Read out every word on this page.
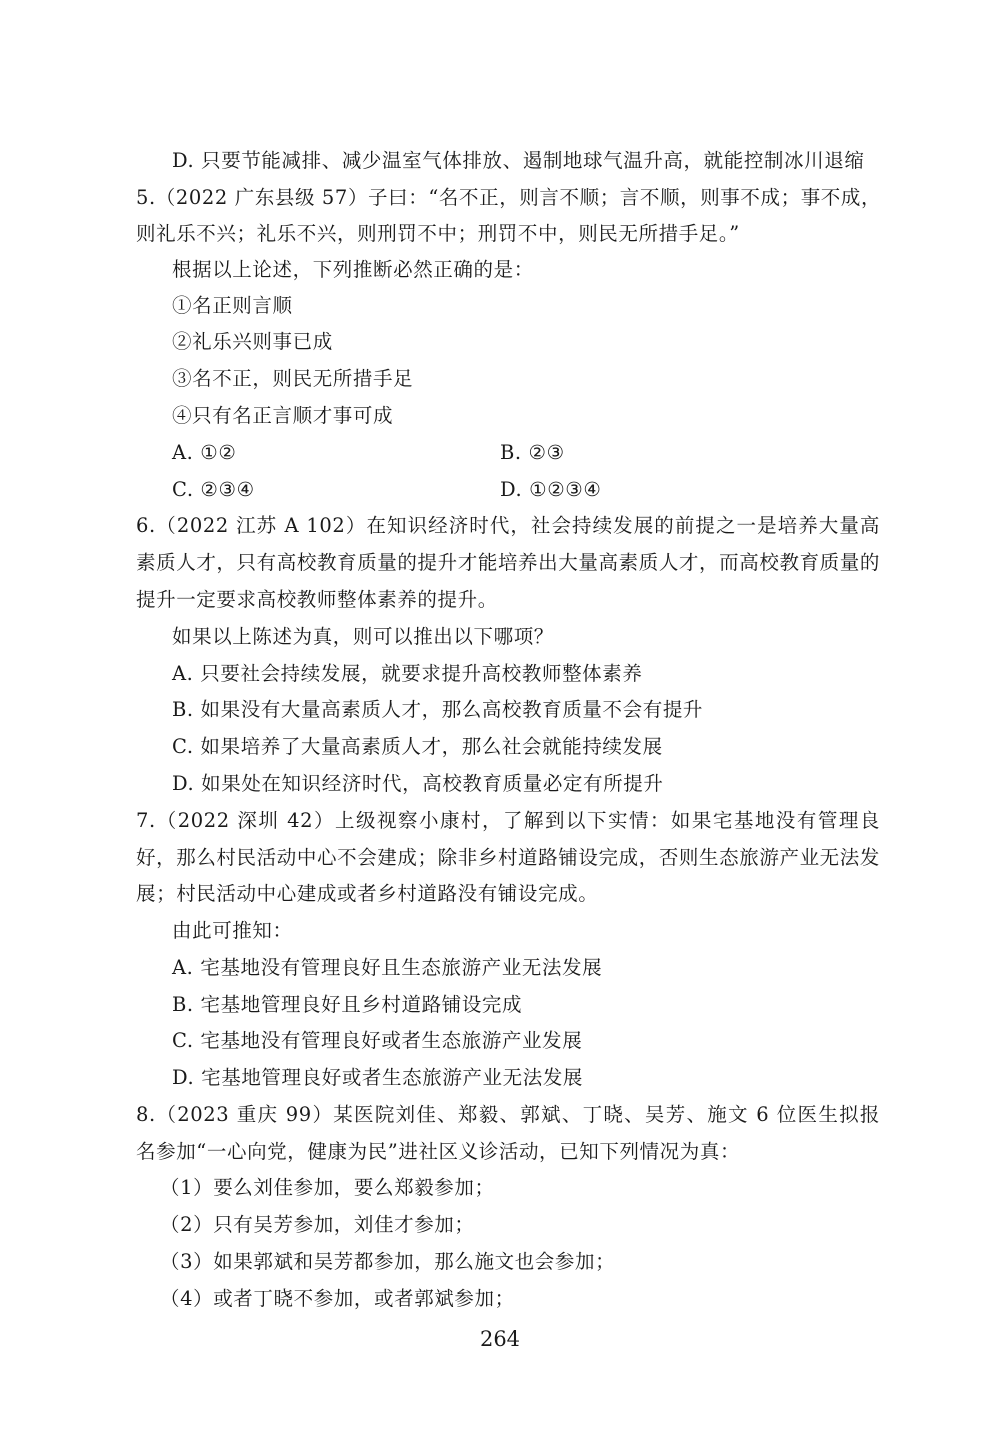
D. 只要节能减排、减少温室气体排放、遏制地球气温升高，就能控制冰川退缩
5.（2022 广东县级 57）子曰：“名不正，则言不顺；言不顺，则事不成；事不成，
则礼乐不兴；礼乐不兴，则刑罚不中；刑罚不中，则民无所措手足。”
根据以上论述，下列推断必然正确的是：
①名正则言顺
②礼乐兴则事已成
③名不正，则民无所措手足
④只有名正言顺才事可成
A. ①②	B. ②③
C. ②③④	D. ①②③④
6.（2022 江苏 A 102）在知识经济时代，社会持续发展的前提之一是培养大量高
素质人才，只有高校教育质量的提升才能培养出大量高素质人才，而高校教育质量的
提升一定要求高校教师整体素养的提升。
如果以上陈述为真，则可以推出以下哪项？
A. 只要社会持续发展，就要求提升高校教师整体素养
B. 如果没有大量高素质人才，那么高校教育质量不会有提升
C. 如果培养了大量高素质人才，那么社会就能持续发展
D. 如果处在知识经济时代，高校教育质量必定有所提升
7.（2022 深圳 42）上级视察小康村，了解到以下实情：如果宅基地没有管理良
好，那么村民活动中心不会建成；除非乡村道路铺设完成，否则生态旅游产业无法发
展；村民活动中心建成或者乡村道路没有铺设完成。
由此可推知：
A. 宅基地没有管理良好且生态旅游产业无法发展
B. 宅基地管理良好且乡村道路铺设完成
C. 宅基地没有管理良好或者生态旅游产业发展
D. 宅基地管理良好或者生态旅游产业无法发展
8.（2023 重庆 99）某医院刘佳、郑毅、郭斌、丁晓、吴芳、施文 6 位医生拟报
名参加“一心向党，健康为民”进社区义诊活动，已知下列情况为真：
（1）要么刘佳参加，要么郑毅参加；
（2）只有吴芳参加，刘佳才参加；
（3）如果郭斌和吴芳都参加，那么施文也会参加；
（4）或者丁晓不参加，或者郭斌参加；
264
